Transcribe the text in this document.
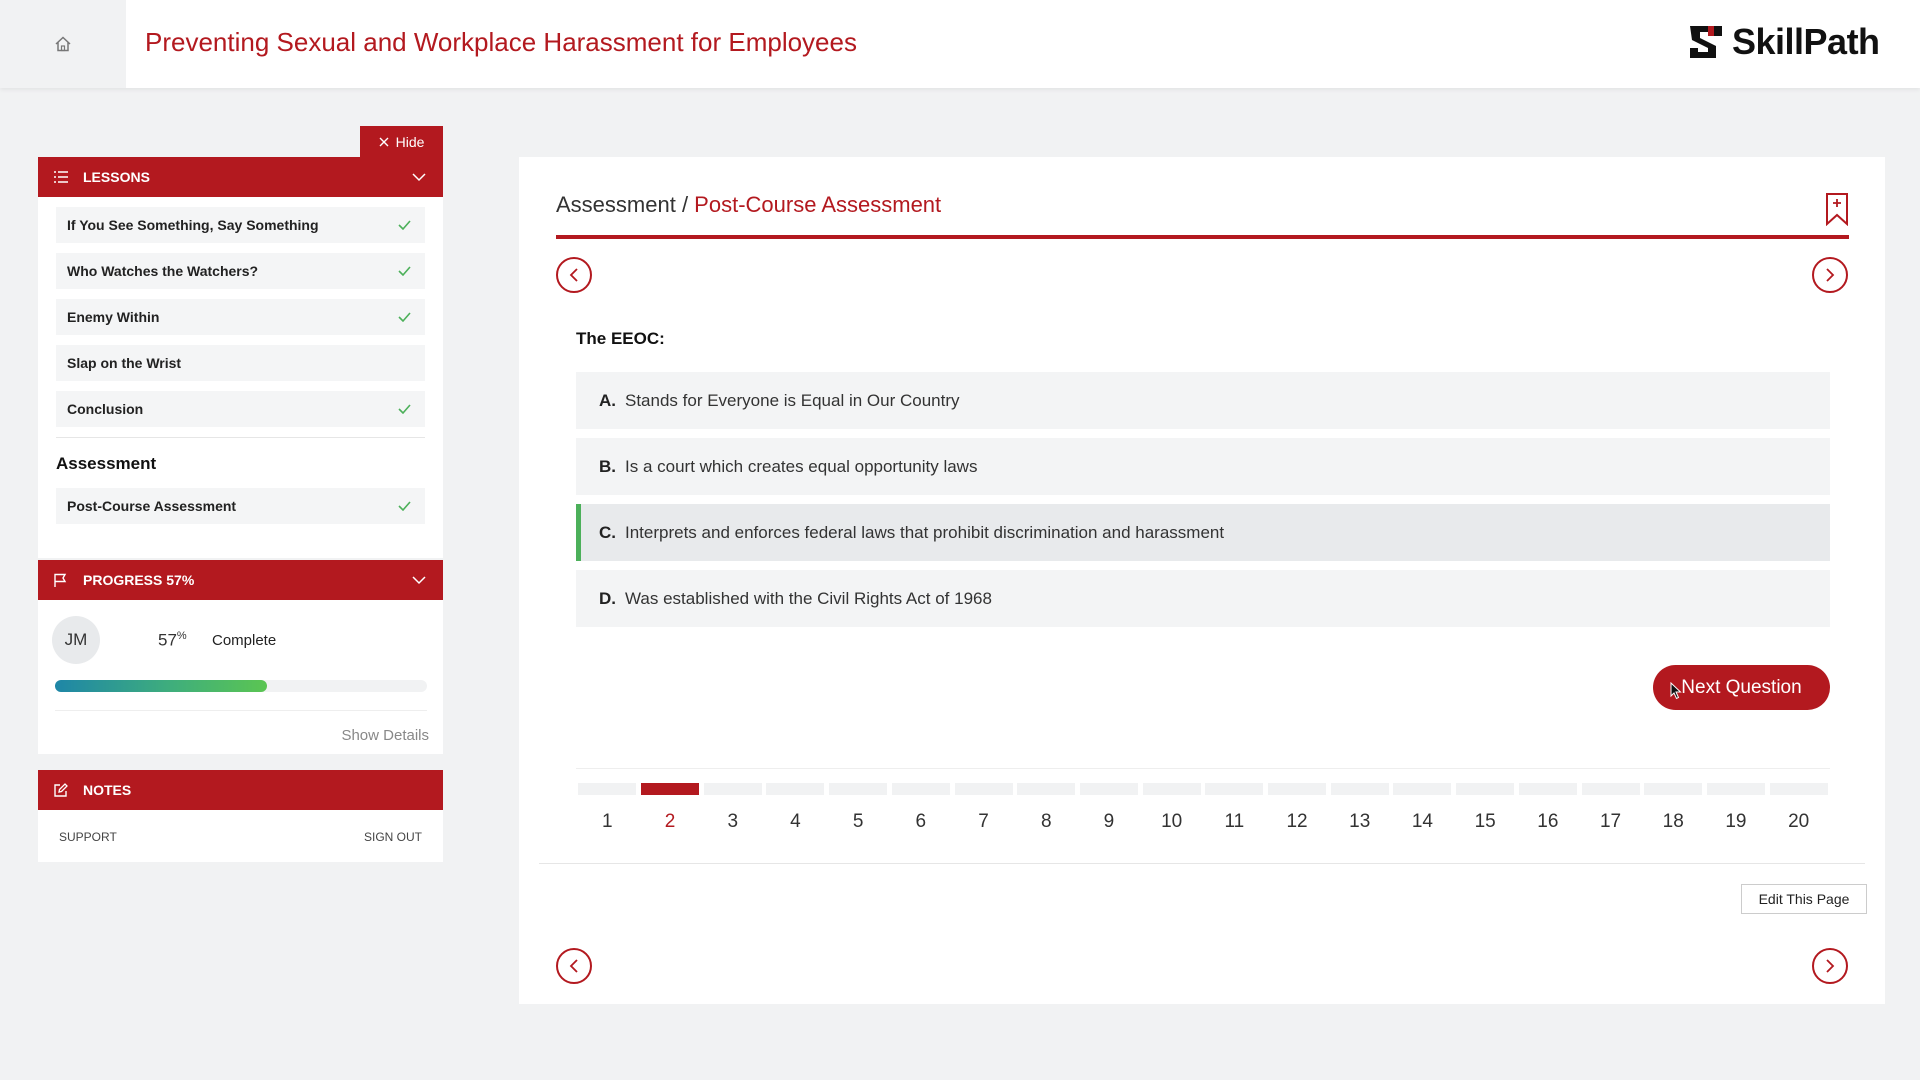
Preventing Sexual and Workplace Harassment for Employees	SkillPath
Hide
LESSONS
If You See Something, Say Something
Who Watches the Watchers?
Enemy Within
Slap on the Wrist
Conclusion
Assessment
Post-Course Assessment
PROGRESS 57%
JM	57% Complete
Show Details
NOTES
SUPPORT	SIGN OUT
Assessment / Post-Course Assessment
The EEOC:
A. Stands for Everyone is Equal in Our Country
B. Is a court which creates equal opportunity laws
C. Interprets and enforces federal laws that prohibit discrimination and harassment
D. Was established with the Civil Rights Act of 1968
Next Question
1	2	3	4	5	6	7	8	9	10	11	12	13	14	15	16	17	18	19	20
Edit This Page
